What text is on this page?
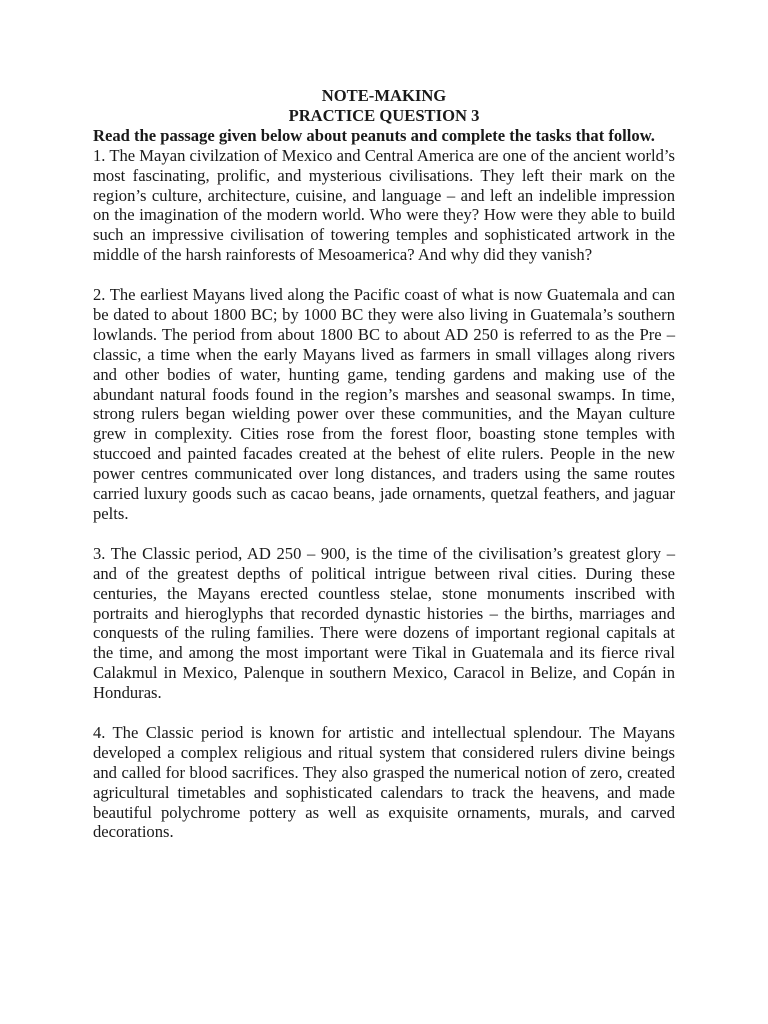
NOTE-MAKING

PRACTICE QUESTION 3

Read the passage given below about peanuts and complete the tasks that follow.

1. The Mayan civilzation of Mexico and Central America are one of the ancient world’s most fascinating, prolific, and mysterious civilisations. They left their mark on the region’s culture, architecture, cuisine, and language – and left an indelible impression on the imagination of the modern world. Who were they? How were they able to build such an impressive civilisation of towering temples and sophisticated artwork in the middle of the harsh rainforests of Mesoamerica? And why did they vanish?

2. The earliest Mayans lived along the Pacific coast of what is now Guatemala and can be dated to about 1800 BC; by 1000 BC they were also living in Guatemala’s southern lowlands. The period from about 1800 BC to about AD 250 is referred to as the Pre – classic, a time when the early Mayans lived as farmers in small villages along rivers and other bodies of water, hunting game, tending gardens and making use of the abundant natural foods found in the region’s marshes and seasonal swamps. In time, strong rulers began wielding power over these communities, and the Mayan culture grew in complexity. Cities rose from the forest floor, boasting stone temples with stuccoed and painted facades created at the behest of elite rulers. People in the new power centres communicated over long distances, and traders using the same routes carried luxury goods such as cacao beans, jade ornaments, quetzal feathers, and jaguar pelts.

3. The Classic period, AD 250 – 900, is the time of the civilisation’s greatest glory – and of the greatest depths of political intrigue between rival cities. During these centuries, the Mayans erected countless stelae, stone monuments inscribed with portraits and hieroglyphs that recorded dynastic histories – the births, marriages and conquests of the ruling families. There were dozens of important regional capitals at the time, and among the most important were Tikal in Guatemala and its fierce rival Calakmul in Mexico, Palenque in southern Mexico, Caracol in Belize, and Copán in Honduras.

4. The Classic period is known for artistic and intellectual splendour. The Mayans developed a complex religious and ritual system that considered rulers divine beings and called for blood sacrifices. They also grasped the numerical notion of zero, created agricultural timetables and sophisticated calendars to track the heavens, and made beautiful polychrome pottery as well as exquisite ornaments, murals, and carved decorations.
